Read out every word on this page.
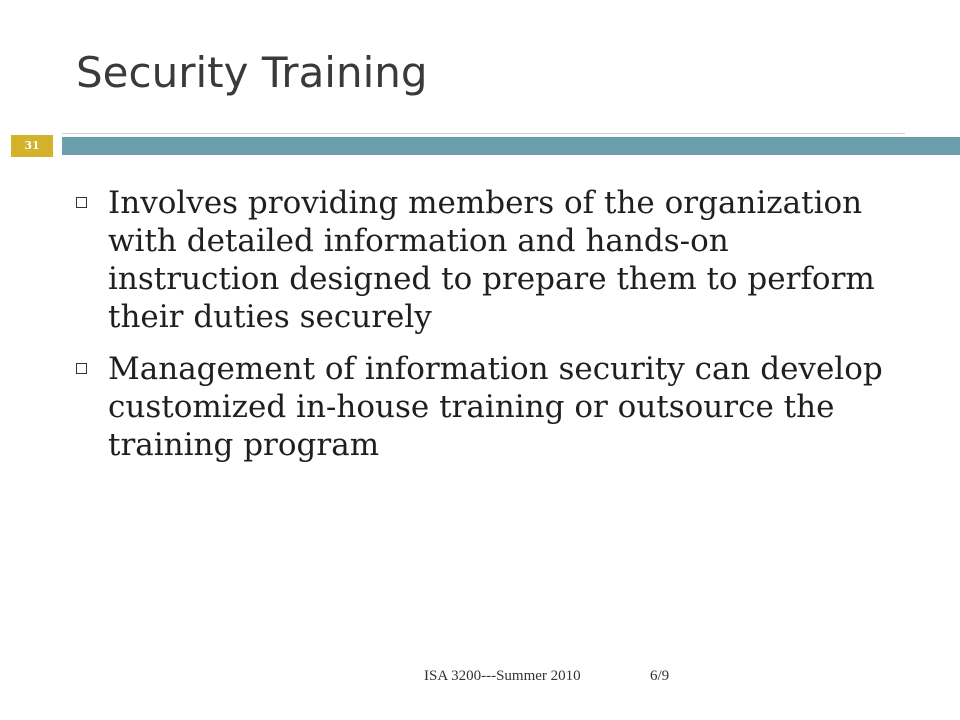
Security Training
31
Involves providing members of the organization with detailed information and hands-on instruction designed to prepare them to perform their duties securely
Management of information security can develop customized in-house training or outsource the training program
ISA 3200---Summer 2010	6/9
